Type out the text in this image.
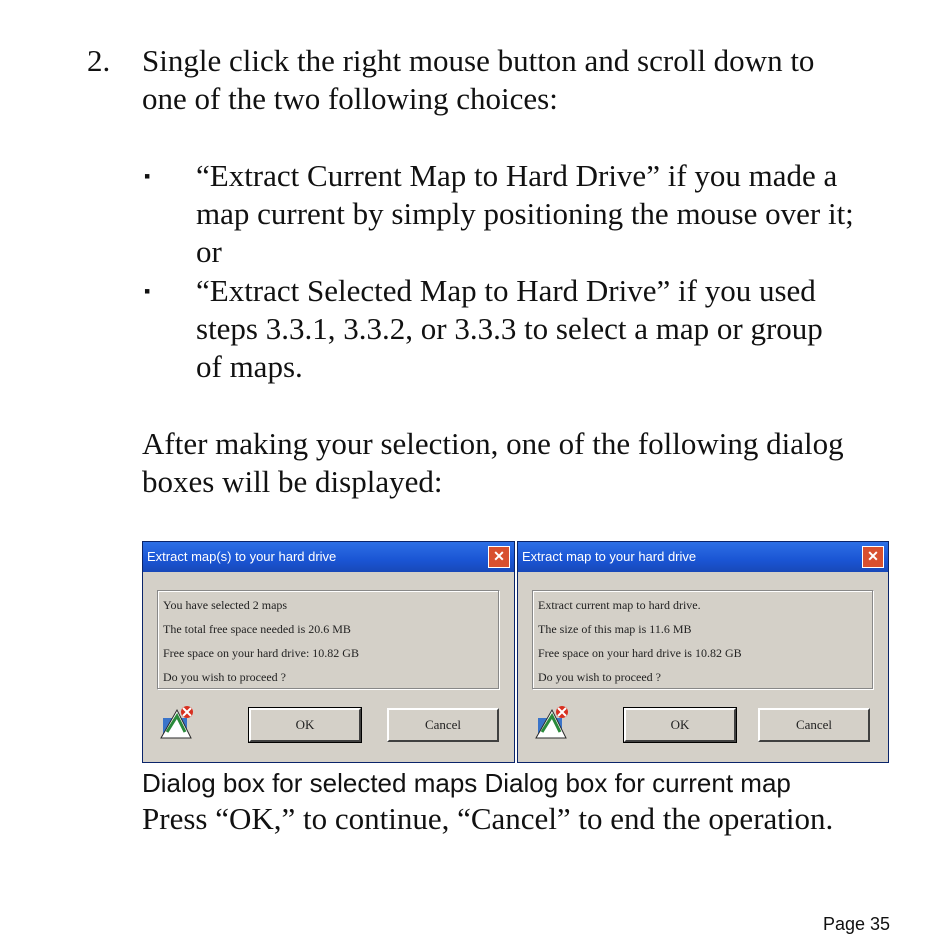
2. Single click the right mouse button and scroll down to
one of the two following choices:
▪ “Extract Current Map to Hard Drive” if you made a
map current by simply positioning the mouse over it;
or
▪ “Extract Selected Map to Hard Drive” if you used
steps 3.3.1, 3.3.2, or 3.3.3 to select a map or group
of maps.
After making your selection, one of the following dialog
boxes will be displayed:
Extract map(s) to your hard drive	✕
You have selected 2 maps
The total free space needed is 20.6 MB
Free space on your hard drive: 10.82 GB
Do you wish to proceed ?
OK	Cancel
Extract map to your hard drive	✕
Extract current map to hard drive.
The size of this map is 11.6 MB
Free space on your hard drive is 10.82 GB
Do you wish to proceed ?
OK	Cancel
Dialog box for selected maps Dialog box for current map
Press “OK,” to continue, “Cancel” to end the operation.
Page 35
